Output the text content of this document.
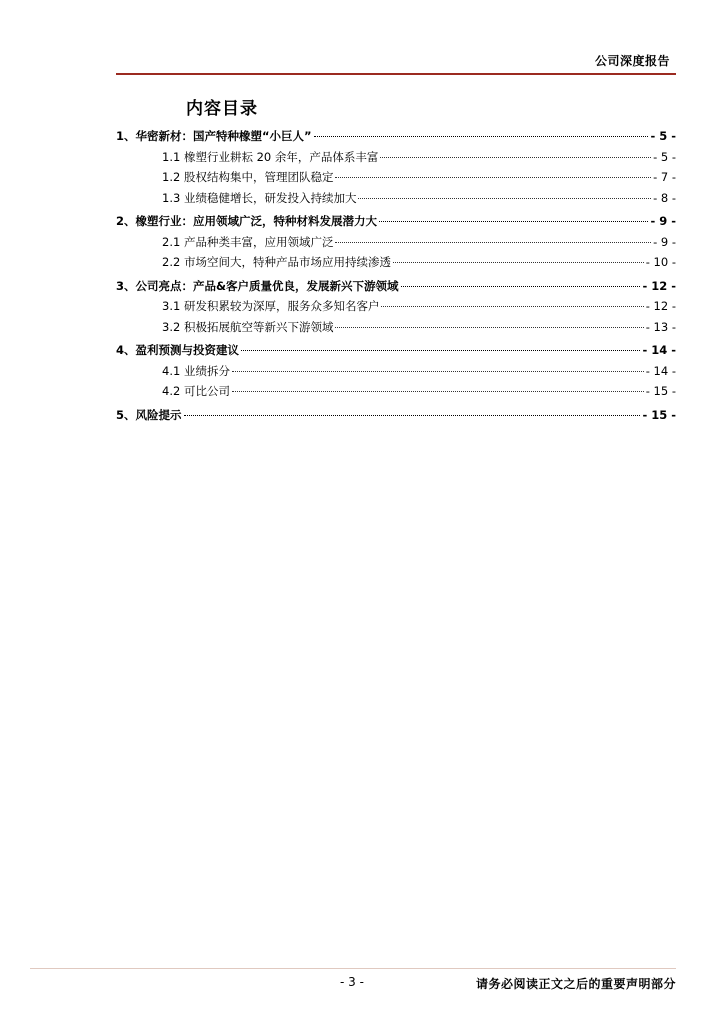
公司深度报告
内容目录
1、华密新材：国产特种橡塑“小巨人”	- 5 -
1.1 橡塑行业耕耘 20 余年，产品体系丰富	- 5 -
1.2 股权结构集中，管理团队稳定	- 7 -
1.3 业绩稳健增长，研发投入持续加大	- 8 -
2、橡塑行业：应用领域广泛，特种材料发展潜力大	- 9 -
2.1 产品种类丰富，应用领域广泛	- 9 -
2.2 市场空间大，特种产品市场应用持续渗透	- 10 -
3、公司亮点：产品&客户质量优良，发展新兴下游领域	- 12 -
3.1 研发积累较为深厚，服务众多知名客户	- 12 -
3.2 积极拓展航空等新兴下游领域	- 13 -
4、盈利预测与投资建议	- 14 -
4.1 业绩拆分	- 14 -
4.2 可比公司	- 15 -
5、风险提示	- 15 -
- 3 -	请务必阅读正文之后的重要声明部分
